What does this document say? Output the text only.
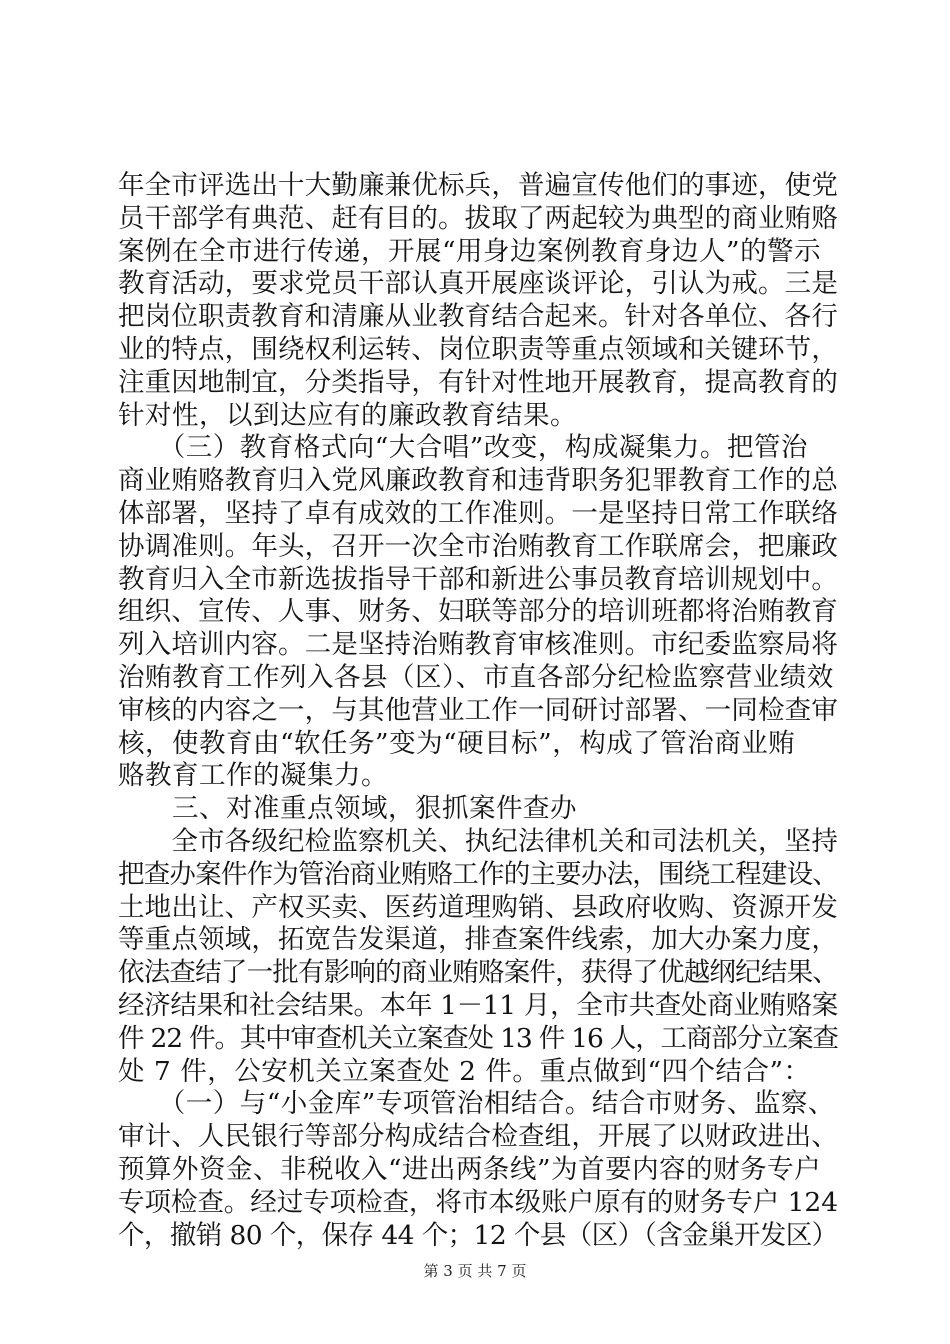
年全市评选出十大勤廉兼优标兵，普遍宣传他们的事迹，使党
员干部学有典范、赶有目的。拔取了两起较为典型的商业贿赂
案例在全市进行传递，开展“用身边案例教育身边人”的警示
教育活动，要求党员干部认真开展座谈评论，引认为戒。三是
把岗位职责教育和清廉从业教育结合起来。针对各单位、各行
业的特点，围绕权利运转、岗位职责等重点领域和关键环节，
注重因地制宜，分类指导，有针对性地开展教育，提高教育的
针对性，以到达应有的廉政教育结果。
　　（三）教育格式向“大合唱”改变，构成凝集力。把管治
商业贿赂教育归入党风廉政教育和违背职务犯罪教育工作的总
体部署，坚持了卓有成效的工作准则。一是坚持日常工作联络
协调准则。年头，召开一次全市治贿教育工作联席会，把廉政
教育归入全市新选拔指导干部和新进公事员教育培训规划中。
组织、宣传、人事、财务、妇联等部分的培训班都将治贿教育
列入培训内容。二是坚持治贿教育审核准则。市纪委监察局将
治贿教育工作列入各县（区）、市直各部分纪检监察营业绩效
审核的内容之一，与其他营业工作一同研讨部署、一同检查审
核，使教育由“软任务”变为“硬目标”，构成了管治商业贿
赂教育工作的凝集力。
　　三、对准重点领域，狠抓案件查办
　　全市各级纪检监察机关、执纪法律机关和司法机关，坚持
把查办案件作为管治商业贿赂工作的主要办法，围绕工程建设、
土地出让、产权买卖、医药道理购销、县政府收购、资源开发
等重点领域，拓宽告发渠道，排查案件线索，加大办案力度，
依法查结了一批有影响的商业贿赂案件，获得了优越纲纪结果、
经济结果和社会结果。本年 1－11 月，全市共查处商业贿赂案
件 22 件。其中审查机关立案查处 13 件 16 人，工商部分立案查
处 7 件，公安机关立案查处 2 件。重点做到“四个结合”：
　　（一）与“小金库”专项管治相结合。结合市财务、监察、
审计、人民银行等部分构成结合检查组，开展了以财政进出、
预算外资金、非税收入“进出两条线”为首要内容的财务专户
专项检查。经过专项检查，将市本级账户原有的财务专户 124
个，撤销 80 个，保存 44 个；12 个县（区）（含金巢开发区）
第 3 页 共 7 页
